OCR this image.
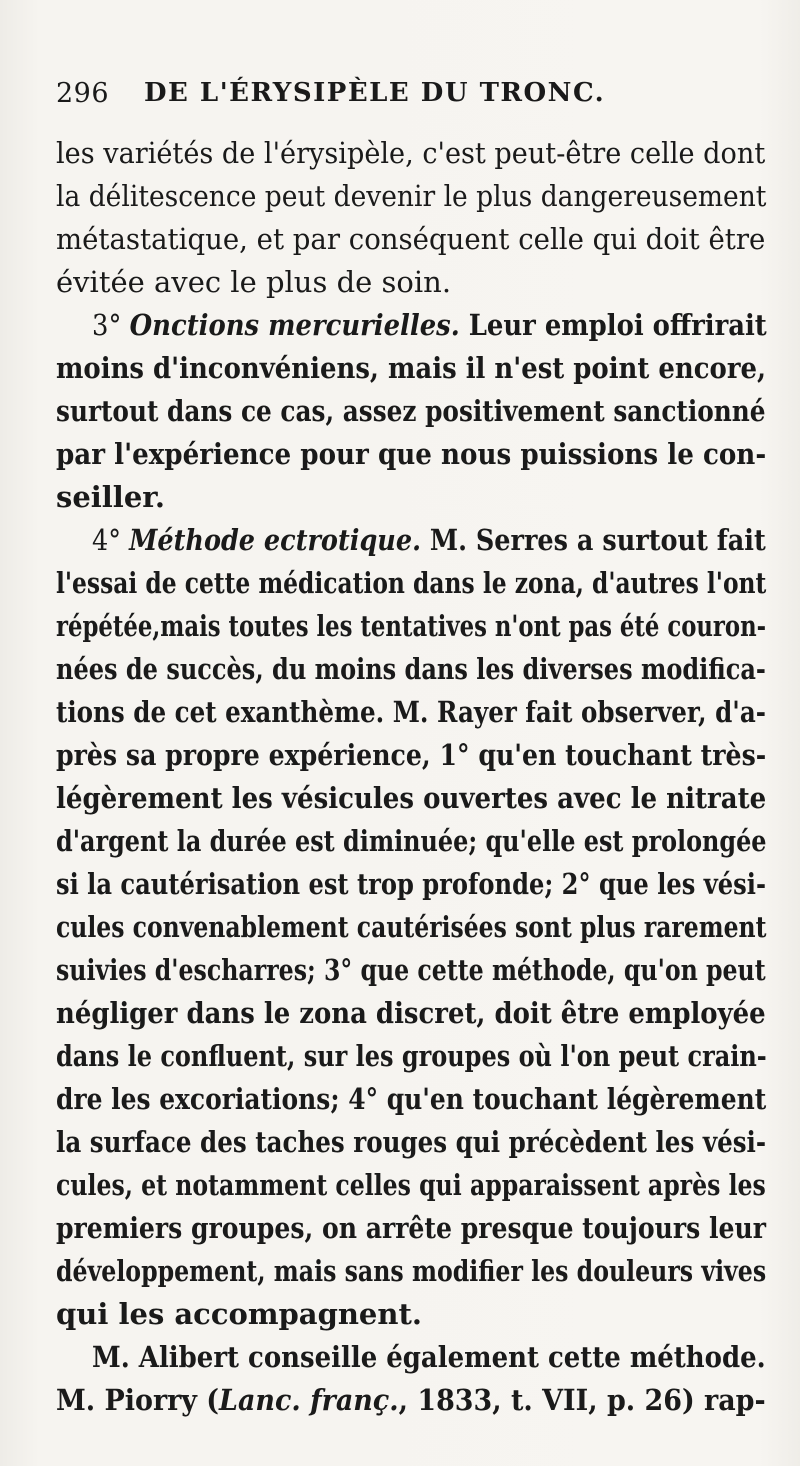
296 DE L'ÉRYSIPÈLE DU TRONC.
les variétés de l'érysipèle, c'est peut-être celle dont
la délitescence peut devenir le plus dangereusement
métastatique, et par conséquent celle qui doit être
évitée avec le plus de soin.
3° Onctions mercurielles. Leur emploi offrirait
moins d'inconvéniens, mais il n'est point encore,
surtout dans ce cas, assez positivement sanctionné
par l'expérience pour que nous puissions le con-
seiller.
4° Méthode ectrotique. M. Serres a surtout fait
l'essai de cette médication dans le zona, d'autres l'ont
répétée,mais toutes les tentatives n'ont pas été couron-
nées de succès, du moins dans les diverses modifica-
tions de cet exanthème. M. Rayer fait observer, d'a-
près sa propre expérience, 1° qu'en touchant très-
légèrement les vésicules ouvertes avec le nitrate
d'argent la durée est diminuée; qu'elle est prolongée
si la cautérisation est trop profonde; 2° que les vési-
cules convenablement cautérisées sont plus rarement
suivies d'escharres; 3° que cette méthode, qu'on peut
négliger dans le zona discret, doit être employée
dans le confluent, sur les groupes où l'on peut crain-
dre les excoriations; 4° qu'en touchant légèrement
la surface des taches rouges qui précèdent les vési-
cules, et notamment celles qui apparaissent après les
premiers groupes, on arrête presque toujours leur
développement, mais sans modifier les douleurs vives
qui les accompagnent.
M. Alibert conseille également cette méthode.
M. Piorry (Lanc. franç., 1833, t. VII, p. 26) rap-
